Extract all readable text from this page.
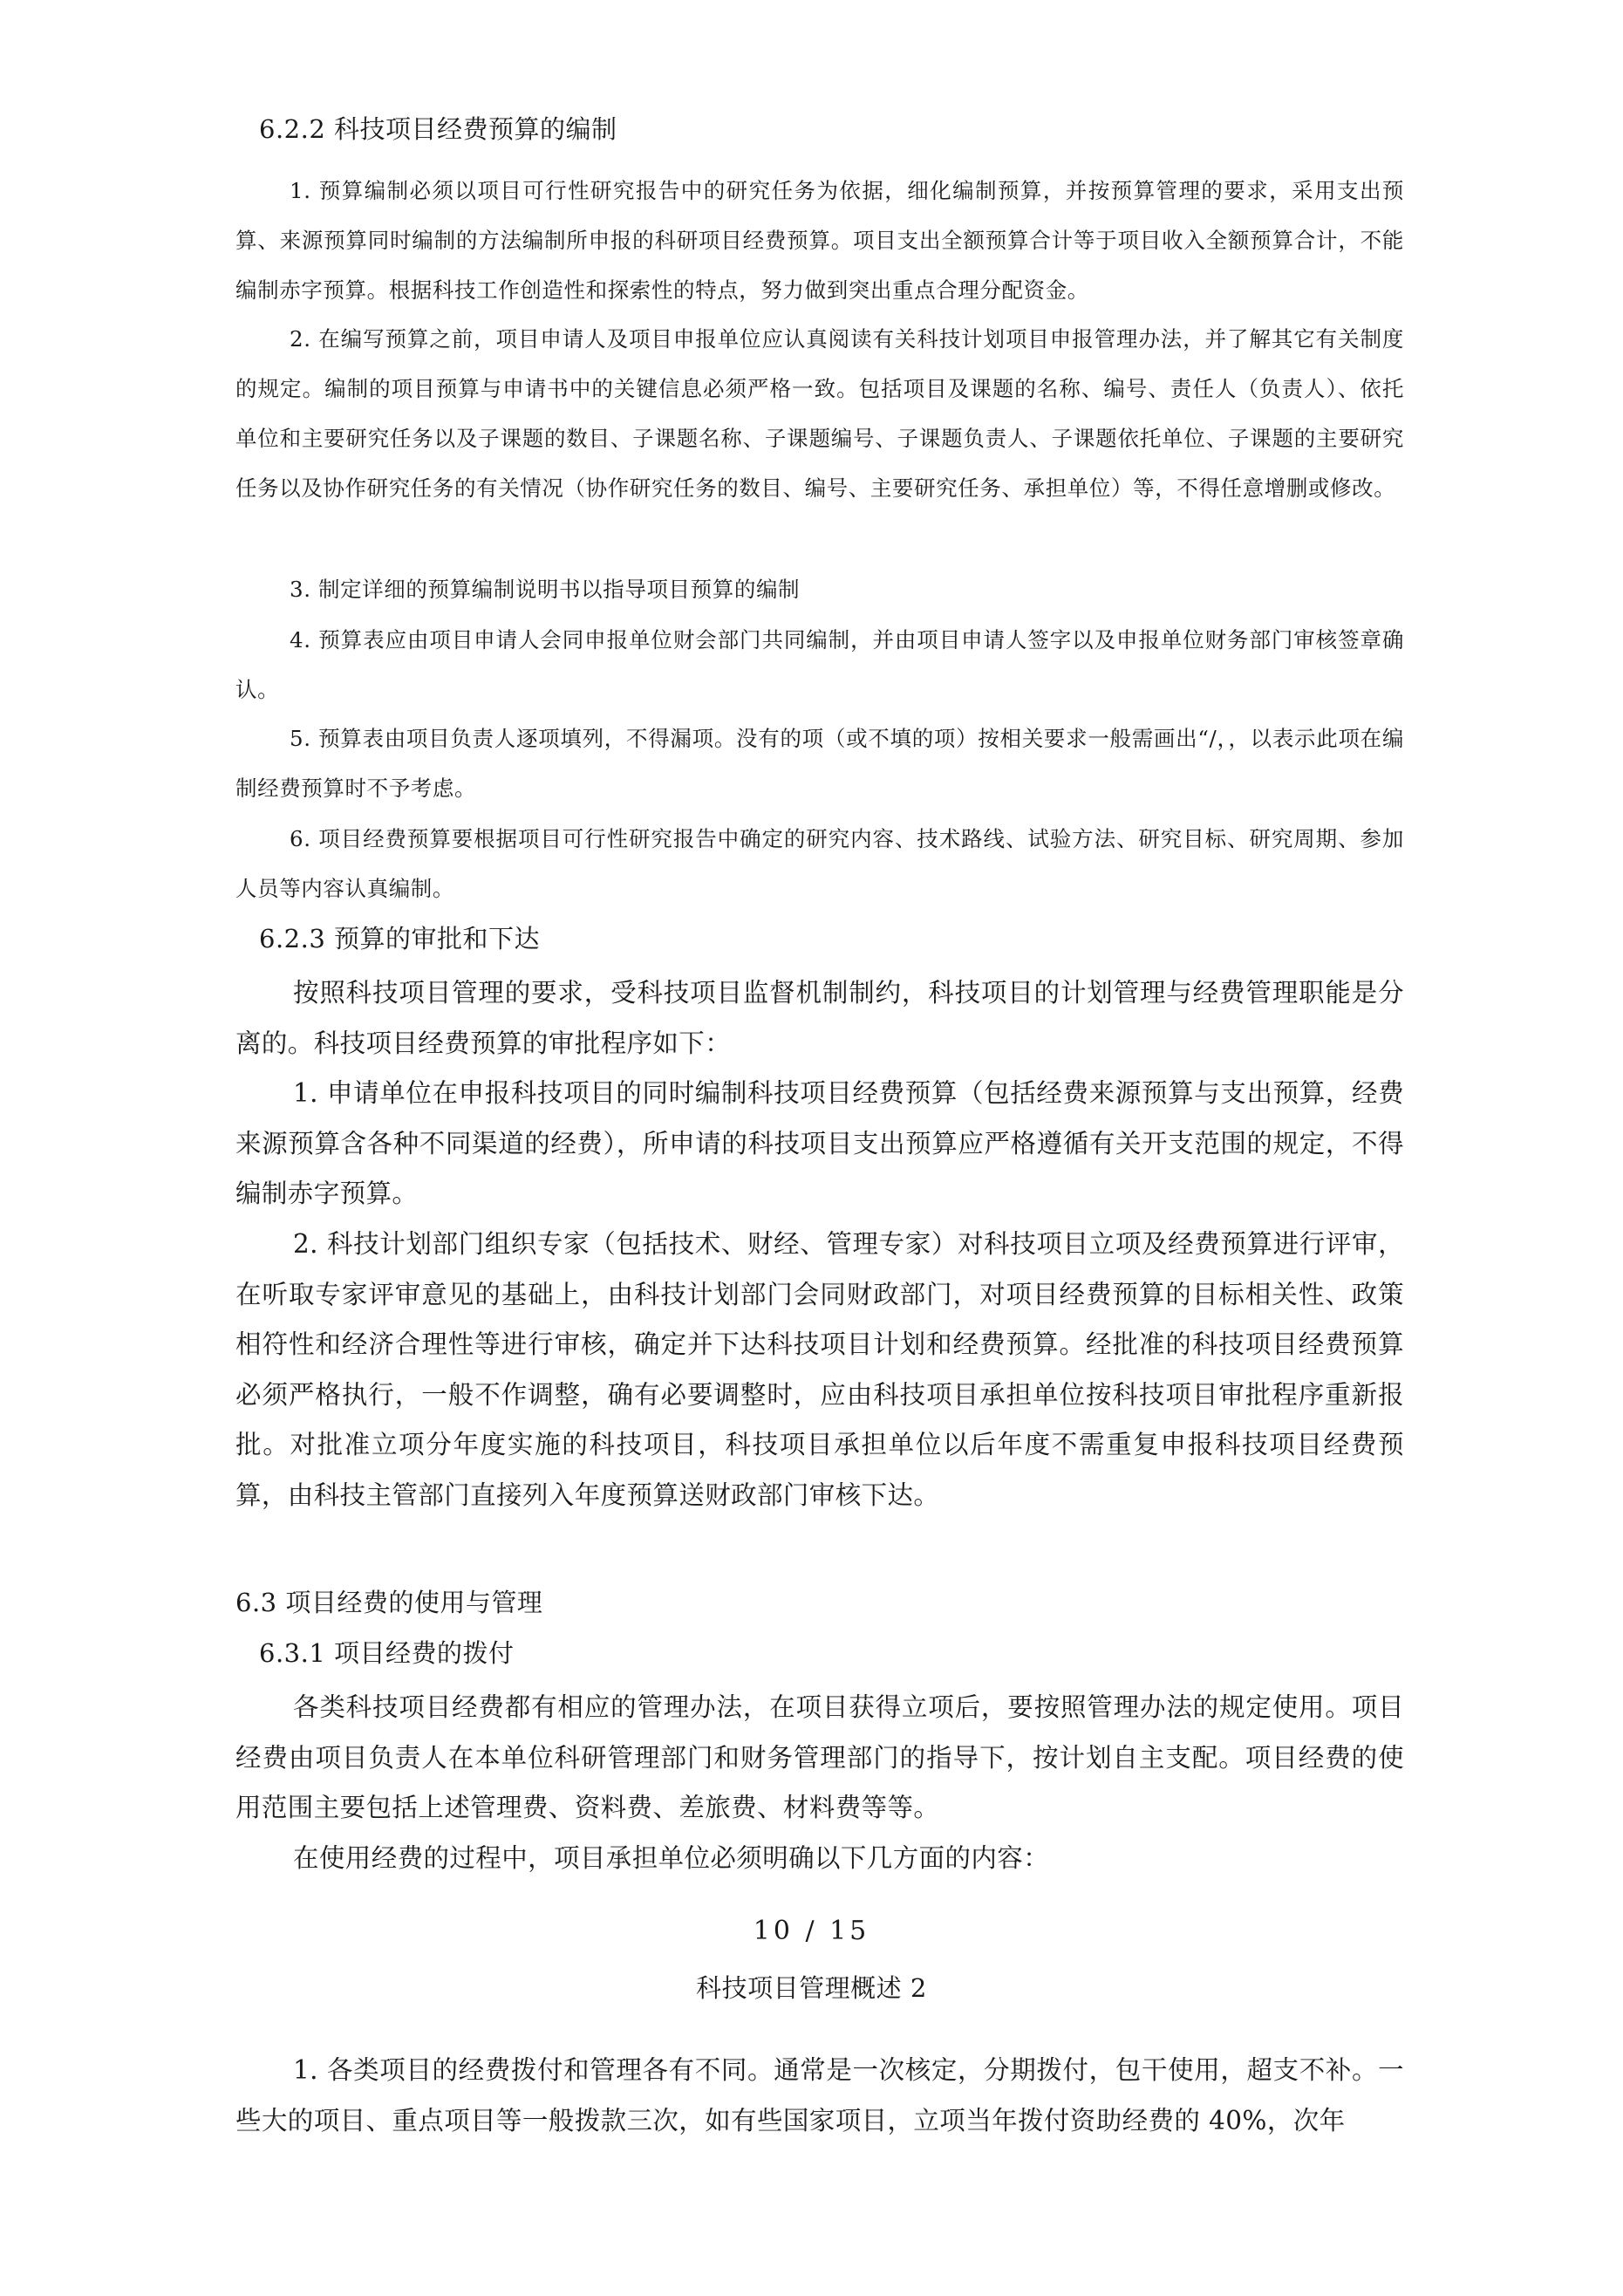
6.2.2 科技项目经费预算的编制

1. 预算编制必须以项目可行性研究报告中的研究任务为依据，细化编制预算，并按预算管理的要求，采用支出预算、来源预算同时编制的方法编制所申报的科研项目经费预算。项目支出全额预算合计等于项目收入全额预算合计，不能编制赤字预算。根据科技工作创造性和探索性的特点，努力做到突出重点合理分配资金。

2. 在编写预算之前，项目申请人及项目申报单位应认真阅读有关科技计划项目申报管理办法，并了解其它有关制度的规定。编制的项目预算与申请书中的关键信息必须严格一致。包括项目及课题的名称、编号、责任人（负责人）、依托单位和主要研究任务以及子课题的数目、子课题名称、子课题编号、子课题负责人、子课题依托单位、子课题的主要研究任务以及协作研究任务的有关情况（协作研究任务的数目、编号、主要研究任务、承担单位）等，不得任意增删或修改。

3. 制定详细的预算编制说明书以指导项目预算的编制

4. 预算表应由项目申请人会同申报单位财会部门共同编制，并由项目申请人签字以及申报单位财务部门审核签章确认。

5. 预算表由项目负责人逐项填列，不得漏项。没有的项（或不填的项）按相关要求一般需画出“/，，以表示此项在编制经费预算时不予考虑。

6. 项目经费预算要根据项目可行性研究报告中确定的研究内容、技术路线、试验方法、研究目标、研究周期、参加人员等内容认真编制。

6.2.3 预算的审批和下达

按照科技项目管理的要求，受科技项目监督机制制约，科技项目的计划管理与经费管理职能是分离的。科技项目经费预算的审批程序如下：

1. 申请单位在申报科技项目的同时编制科技项目经费预算（包括经费来源预算与支出预算，经费来源预算含各种不同渠道的经费），所申请的科技项目支出预算应严格遵循有关开支范围的规定，不得编制赤字预算。

2. 科技计划部门组织专家（包括技术、财经、管理专家）对科技项目立项及经费预算进行评审，在听取专家评审意见的基础上，由科技计划部门会同财政部门，对项目经费预算的目标相关性、政策相符性和经济合理性等进行审核，确定并下达科技项目计划和经费预算。经批准的科技项目经费预算必须严格执行，一般不作调整，确有必要调整时，应由科技项目承担单位按科技项目审批程序重新报批。对批准立项分年度实施的科技项目，科技项目承担单位以后年度不需重复申报科技项目经费预算，由科技主管部门直接列入年度预算送财政部门审核下达。

6.3 项目经费的使用与管理
6.3.1 项目经费的拨付

各类科技项目经费都有相应的管理办法，在项目获得立项后，要按照管理办法的规定使用。项目经费由项目负责人在本单位科研管理部门和财务管理部门的指导下，按计划自主支配。项目经费的使用范围主要包括上述管理费、资料费、差旅费、材料费等等。

在使用经费的过程中，项目承担单位必须明确以下几方面的内容：

10 / 15
科技项目管理概述 2

1. 各类项目的经费拨付和管理各有不同。通常是一次核定，分期拨付，包干使用，超支不补。一些大的项目、重点项目等一般拨款三次，如有些国家项目，立项当年拨付资助经费的 40%，次年
